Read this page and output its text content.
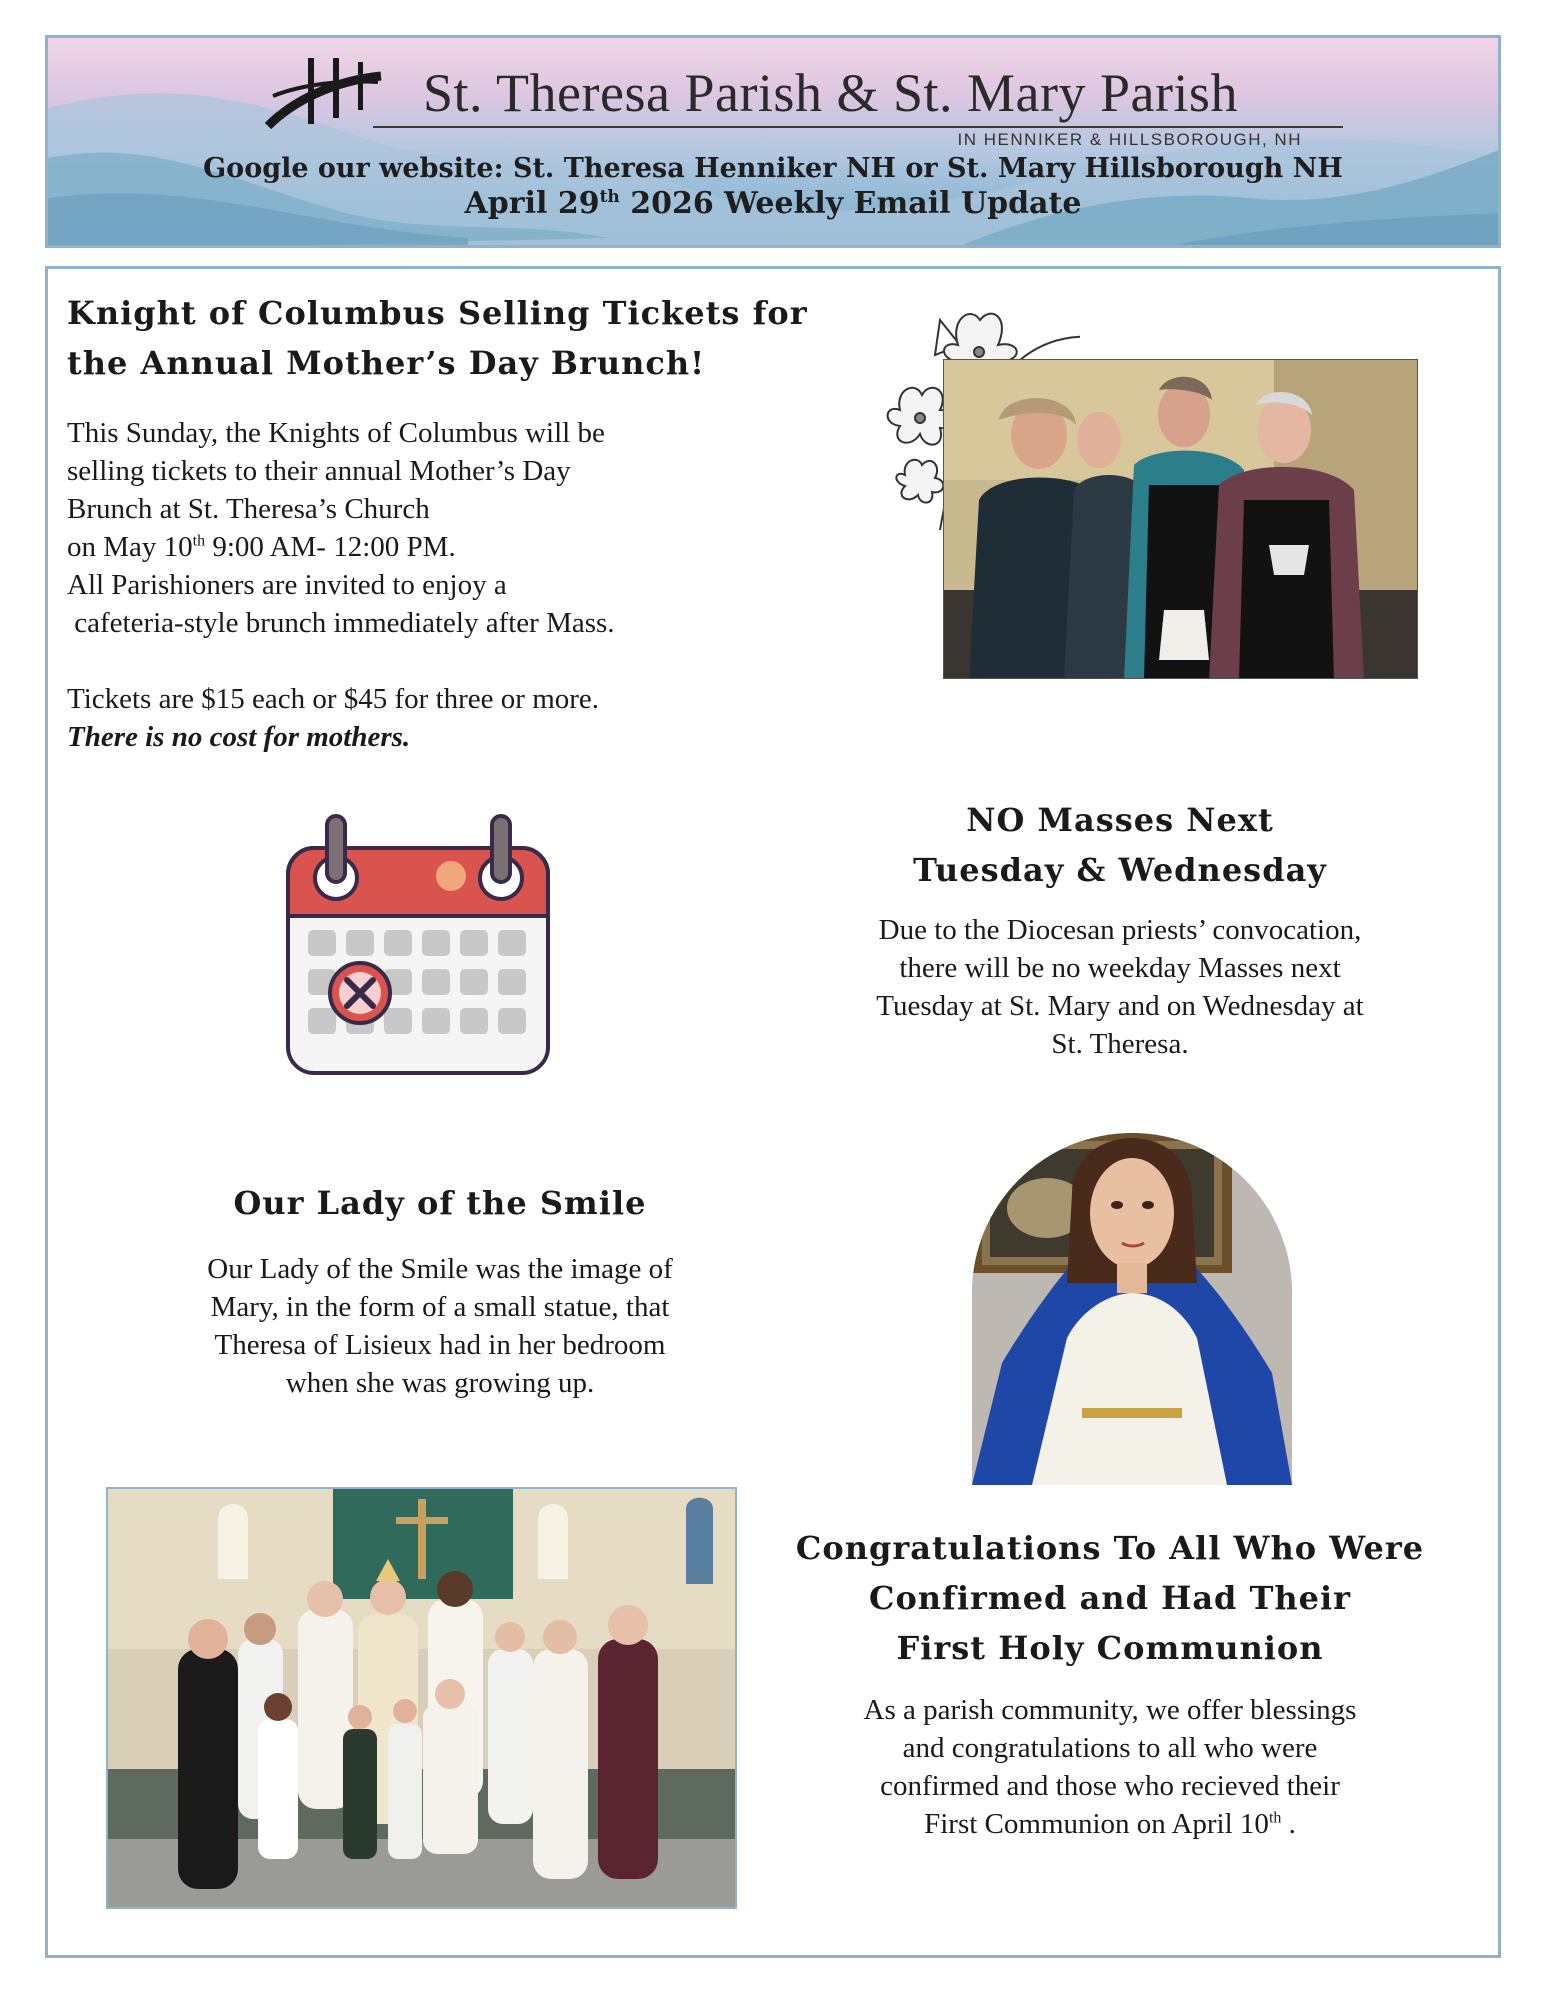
St. Theresa Parish & St. Mary Parish
IN HENNIKER & HILLSBOROUGH, NH
Google our website: St. Theresa Henniker NH or St. Mary Hillsborough NH
April 29th 2026 Weekly Email Update
Knight of Columbus Selling Tickets for
the Annual Mother’s Day Brunch!

This Sunday, the Knights of Columbus will be
selling tickets to their annual Mother’s Day
Brunch at St. Theresa’s Church
on May 10th 9:00 AM- 12:00 PM.
All Parishioners are invited to enjoy a
cafeteria-style brunch immediately after Mass.

Tickets are $15 each or $45 for three or more.
There is no cost for mothers.

NO Masses Next
Tuesday & Wednesday

Due to the Diocesan priests’ convocation,
there will be no weekday Masses next
Tuesday at St. Mary and on Wednesday at
St. Theresa.

Our Lady of the Smile

Our Lady of the Smile was the image of
Mary, in the form of a small statue, that
Theresa of Lisieux had in her bedroom
when she was growing up.

Congratulations To All Who Were
Confirmed and Had Their
First Holy Communion

As a parish community, we offer blessings
and congratulations to all who were
confirmed and those who recieved their
First Communion on April 10th .
